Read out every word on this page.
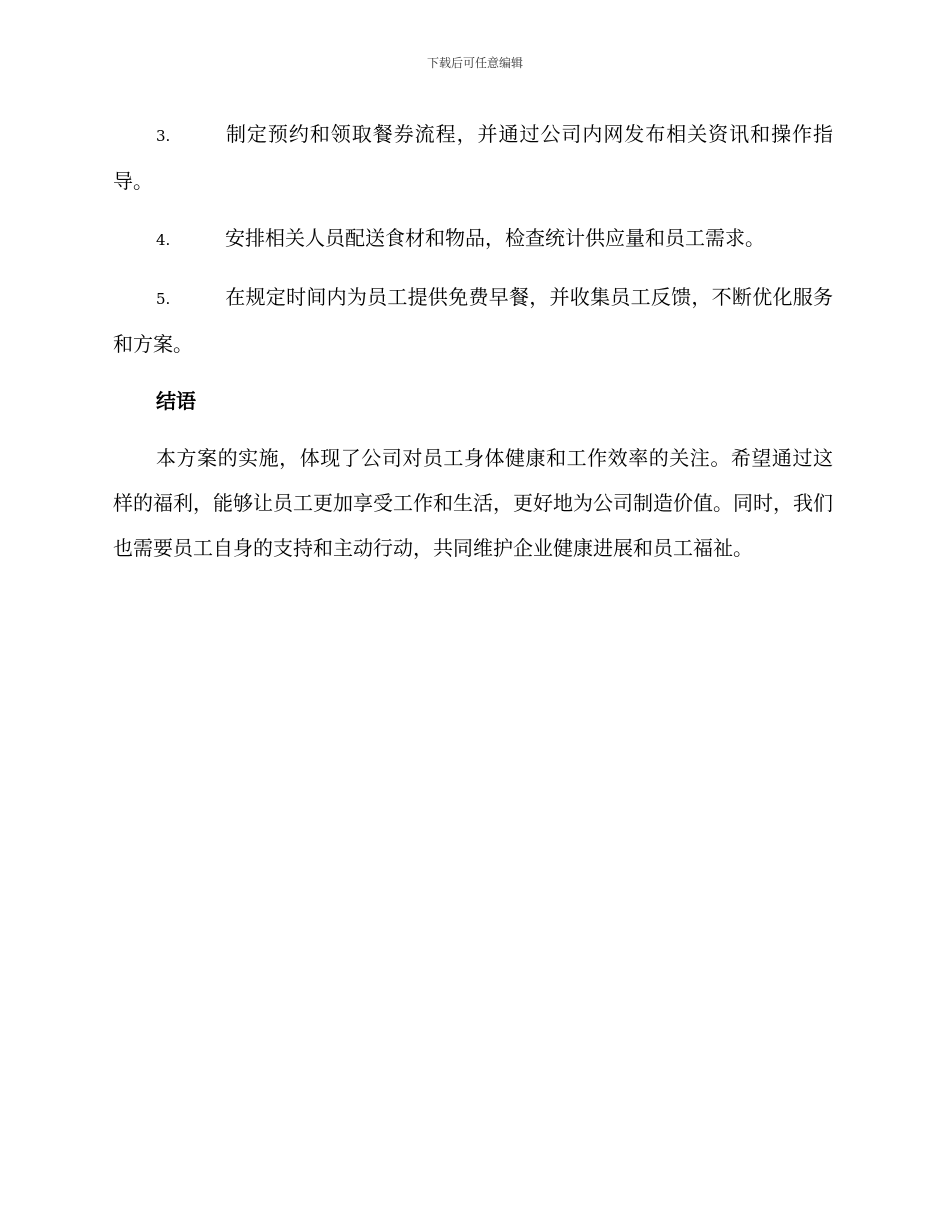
下载后可任意编辑

3.	制定预约和领取餐券流程，并通过公司内网发布相关资讯和操作指导。

4.	安排相关人员配送食材和物品，检查统计供应量和员工需求。

5.	在规定时间内为员工提供免费早餐，并收集员工反馈，不断优化服务和方案。

结语

本方案的实施，体现了公司对员工身体健康和工作效率的关注。希望通过这样的福利，能够让员工更加享受工作和生活，更好地为公司制造价值。同时，我们也需要员工自身的支持和主动行动，共同维护企业健康进展和员工福祉。
